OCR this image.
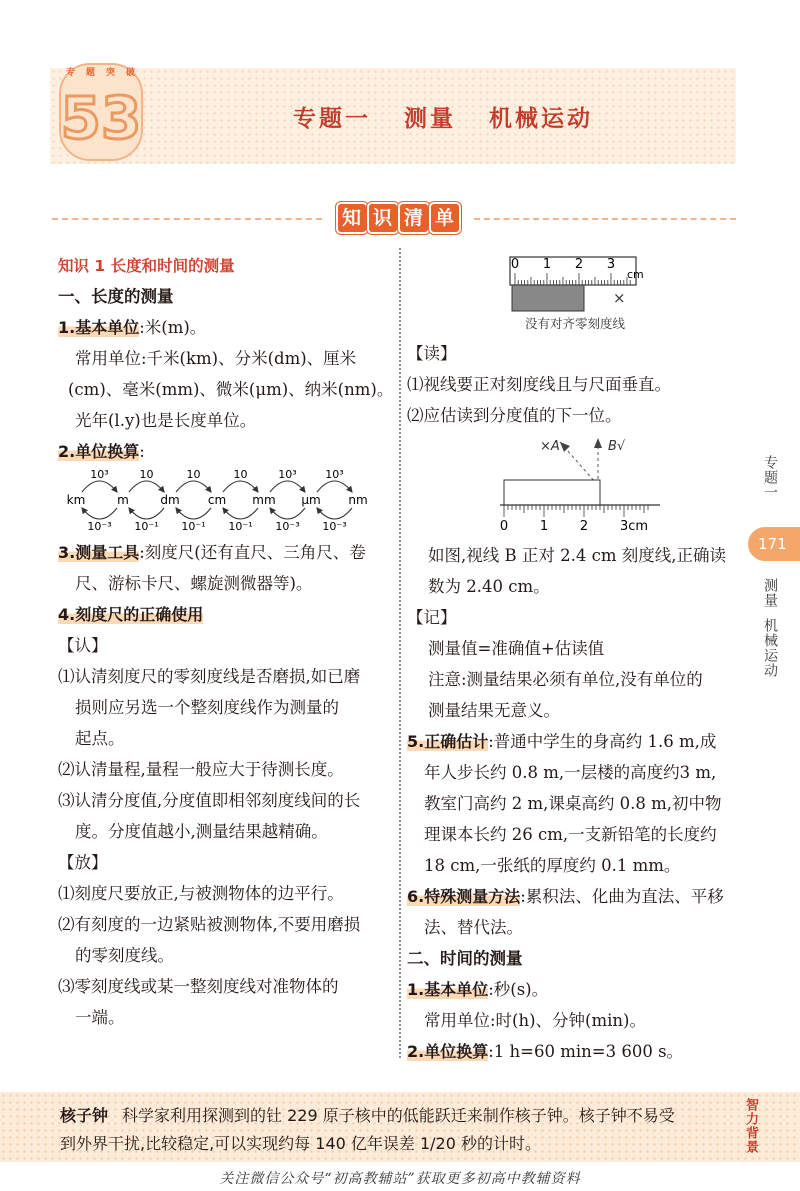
专 题 突 破
53	专题一   测量   机械运动
知 识 清 单
知识 1 长度和时间的测量
一、长度的测量
1.基本单位:米(m)。
常用单位:千米(km)、分米(dm)、厘米
(cm)、毫米(mm)、微米(μm)、纳米(nm)。
光年(l.y)也是长度单位。
2.单位换算:
km	m	dm cm mm μm nm
10³
10⁻³
10
10⁻¹
10
10⁻¹
10
10⁻¹
10³
10⁻³
10³
10⁻³
3.测量工具:刻度尺(还有直尺、三角尺、卷
尺、游标卡尺、螺旋测微器等)。
4.刻度尺的正确使用
【认】
⑴认清刻度尺的零刻度线是否磨损,如已磨
损则应另选一个整刻度线作为测量的
起点。
⑵认清量程,量程一般应大于待测长度。
⑶认清分度值,分度值即相邻刻度线间的长
度。分度值越小,测量结果越精确。
【放】
⑴刻度尺要放正,与被测物体的边平行。
⑵有刻度的一边紧贴被测物体,不要用磨损
的零刻度线。
⑶零刻度线或某一整刻度线对准物体的
一端。
0 1 2 3
cm
×
没有对齐零刻度线
【读】
⑴视线要正对刻度线且与尺面垂直。
⑵应估读到分度值的下一位。
×A	B√
0 1 2 3cm
如图,视线 B 正对 2.4 cm 刻度线,正确读
数为 2.40 cm。
【记】
测量值=准确值+估读值
注意:测量结果必须有单位,没有单位的
测量结果无意义。
5.正确估计:普通中学生的身高约 1.6 m,成
年人步长约 0.8 m,一层楼的高度约3 m,
教室门高约 2 m,课桌高约 0.8 m,初中物
理课本长约 26 cm,一支新铅笔的长度约
18 cm,一张纸的厚度约 0.1 mm。
6.特殊测量方法:累积法、化曲为直法、平移
法、替代法。
二、时间的测量
1.基本单位:秒(s)。
常用单位:时(h)、分钟(min)。
2.单位换算:1 h=60 min=3 600 s。
专题一
171
测量
机械运动
核子钟 科学家利用探测到的钍 229 原子核中的低能跃迁来制作核子钟。核子钟不易受
到外界干扰,比较稳定,可以实现约每 140 亿年误差 1/20 秒的计时。	智力背景
关注微信公众号“初高教辅站”获取更多初高中教辅资料
